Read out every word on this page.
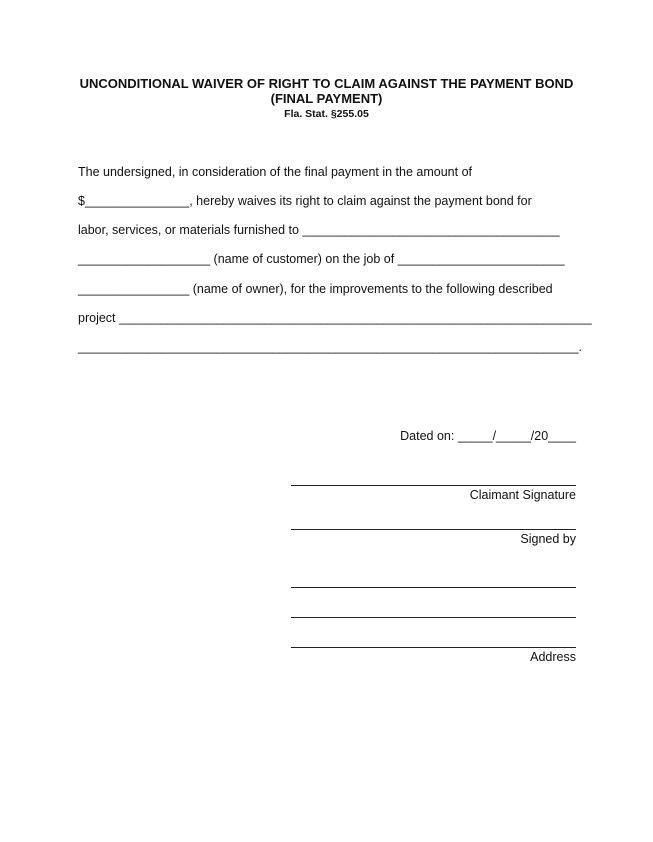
UNCONDITIONAL WAIVER OF RIGHT TO CLAIM AGAINST THE PAYMENT BOND
(FINAL PAYMENT)
Fla. Stat. §255.05
The undersigned, in consideration of the final payment in the amount of
$_______________, hereby waives its right to claim against the payment bond for
labor, services, or materials furnished to _____________________________________
___________________ (name of customer) on the job of ________________________
________________ (name of owner), for the improvements to the following described
project ____________________________________________________________________
________________________________________________________________________.
Dated on: _____/_____/20____
Claimant Signature
Signed by
Address
